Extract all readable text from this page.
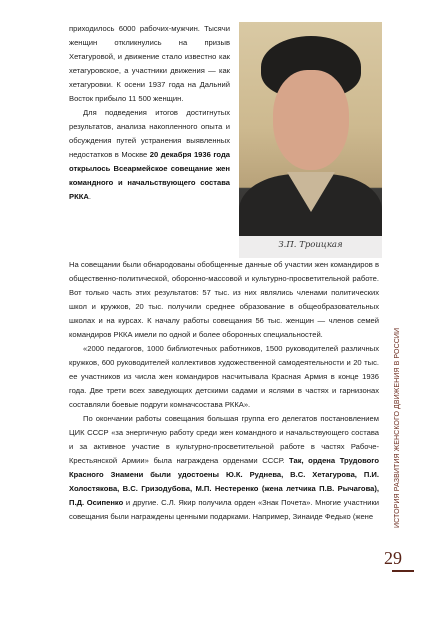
приходилось 6000 рабочих-мужчин. Тысячи женщин откликнулись на призыв Хетагуровой, и движение стало известно как хетагуровское, а участники движения — как хетагуровки. К осени 1937 года на Дальний Восток прибыло 11 500 женщин.

Для подведения итогов достигнутых результатов, анализа накопленного опыта и обсуждения путей устранения выявленных недостатков в Москве 20 декабря 1936 года открылось Всеармейское совещание жен командного и начальствующего состава РККА.

З.П. Троицкая

На совещании были обнародованы обобщенные данные об участии жен командиров в общественно-политической, оборонно-массовой и культурно-просветительной работе. Вот только часть этих результатов: 57 тыс. из них являлись членами политических школ и кружков, 20 тыс. получили среднее образование в общеобразовательных школах и на курсах. К началу работы совещания 56 тыс. женщин — членов семей командиров РККА имели по одной и более оборонных специальностей.

«2000 педагогов, 1000 библиотечных работников, 1500 руководителей различных кружков, 600 руководителей коллективов художественной самодеятельности и 20 тыс. ее участников из числа жен командиров насчитывала Красная Армия в конце 1936 года. Две трети всех заведующих детскими садами и яслями в частях и гарнизонах составляли боевые подруги комначсостава РККА».

По окончании работы совещания большая группа его делегатов постановлением ЦИК СССР «за энергичную работу среди жен командного и начальствующего состава и за активное участие в культурно-просветительной работе в частях Рабоче-Крестьянской Армии» была награждена орденами СССР. Так, ордена Трудового Красного Знамени были удостоены Ю.К. Руднева, В.С. Хетагурова, П.И. Холостякова, В.С. Гризодубова, М.П. Нестеренко (жена летчика П.В. Рычагова), П.Д. Осипенко и другие. С.Л. Якир получила орден «Знак Почета». Многие участники совещания были награждены ценными подарками. Например, Зинаиде Федько (жене	ИСТОРИЯ РАЗВИТИЯ ЖЕНСКОГО ДВИЖЕНИЯ В РОССИИ
29
